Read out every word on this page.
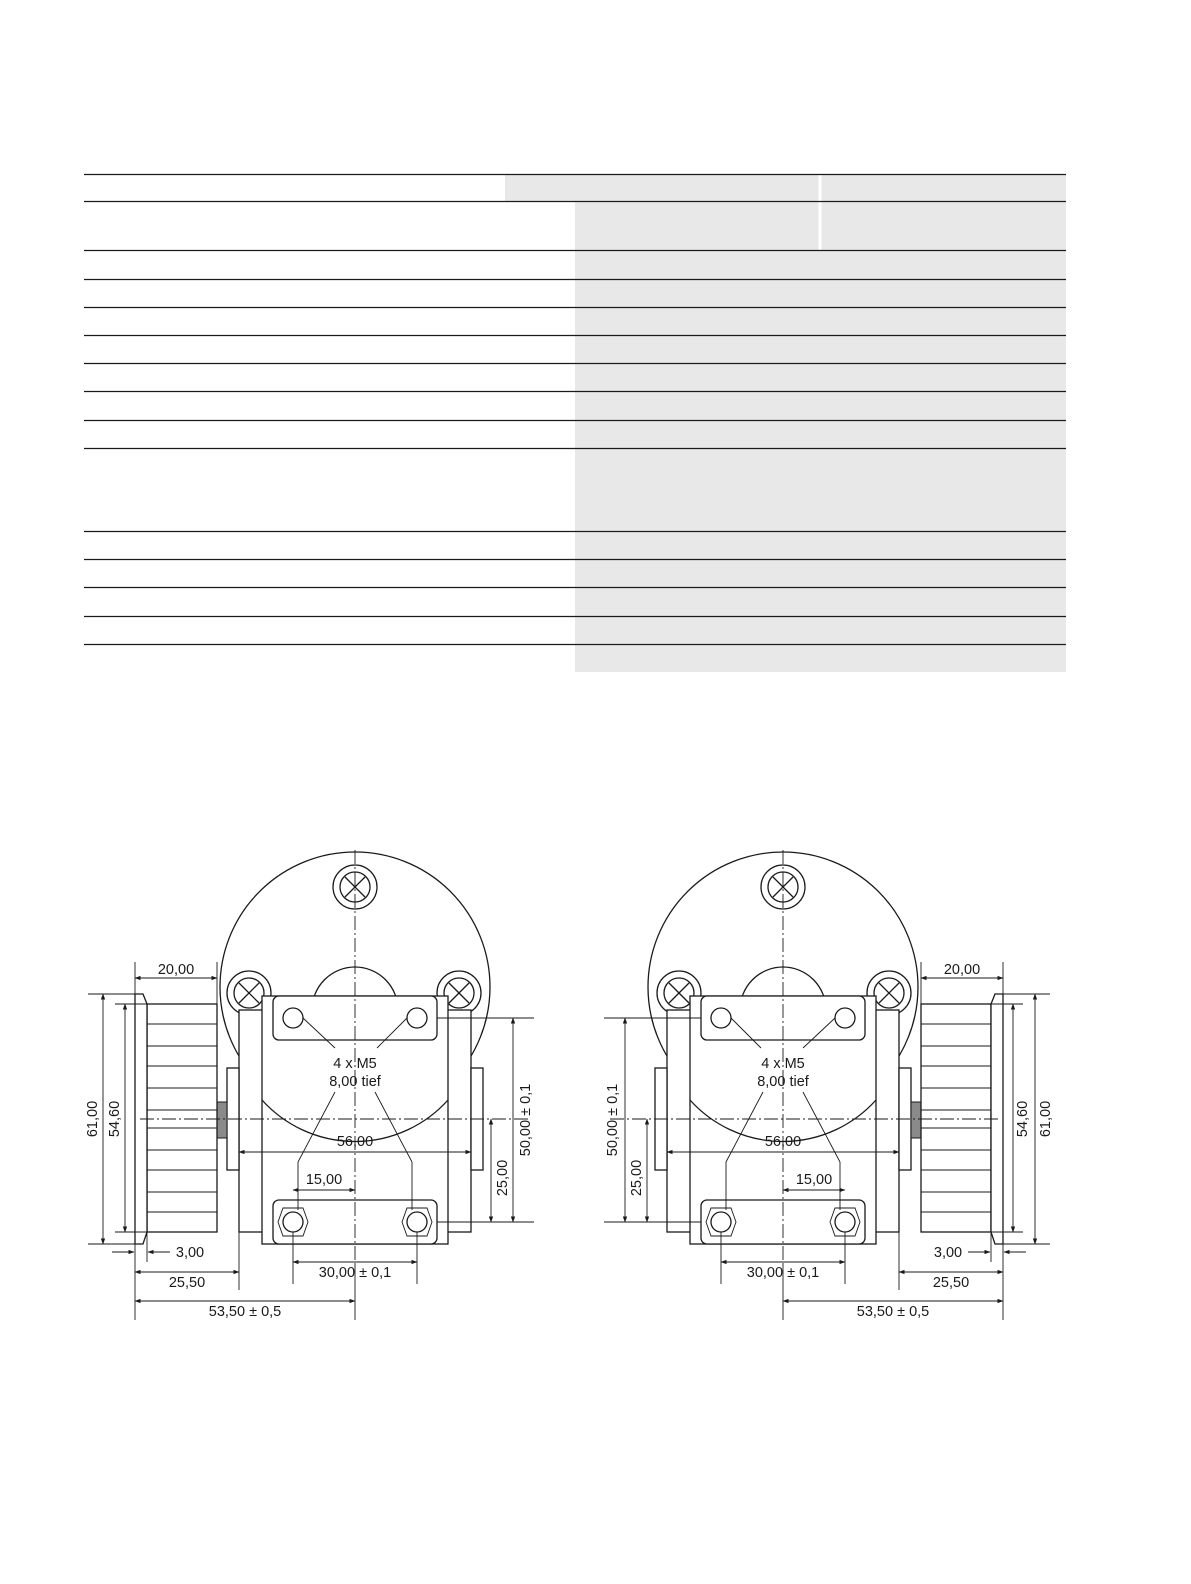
20,00
61,00 54,60
3,00
25,50
53,50 ± 0,5
56,00
15,00
30,00 ± 0,1
25,00
50,00 ± 0,1
4 x M5
8,00 tief
20,00
61,00
54,60
3,00
25,50
53,50 ± 0,5
56,00
15,00
30,00 ± 0,1
25,00
50,00 ± 0,1
4 x M5
8,00 tief
